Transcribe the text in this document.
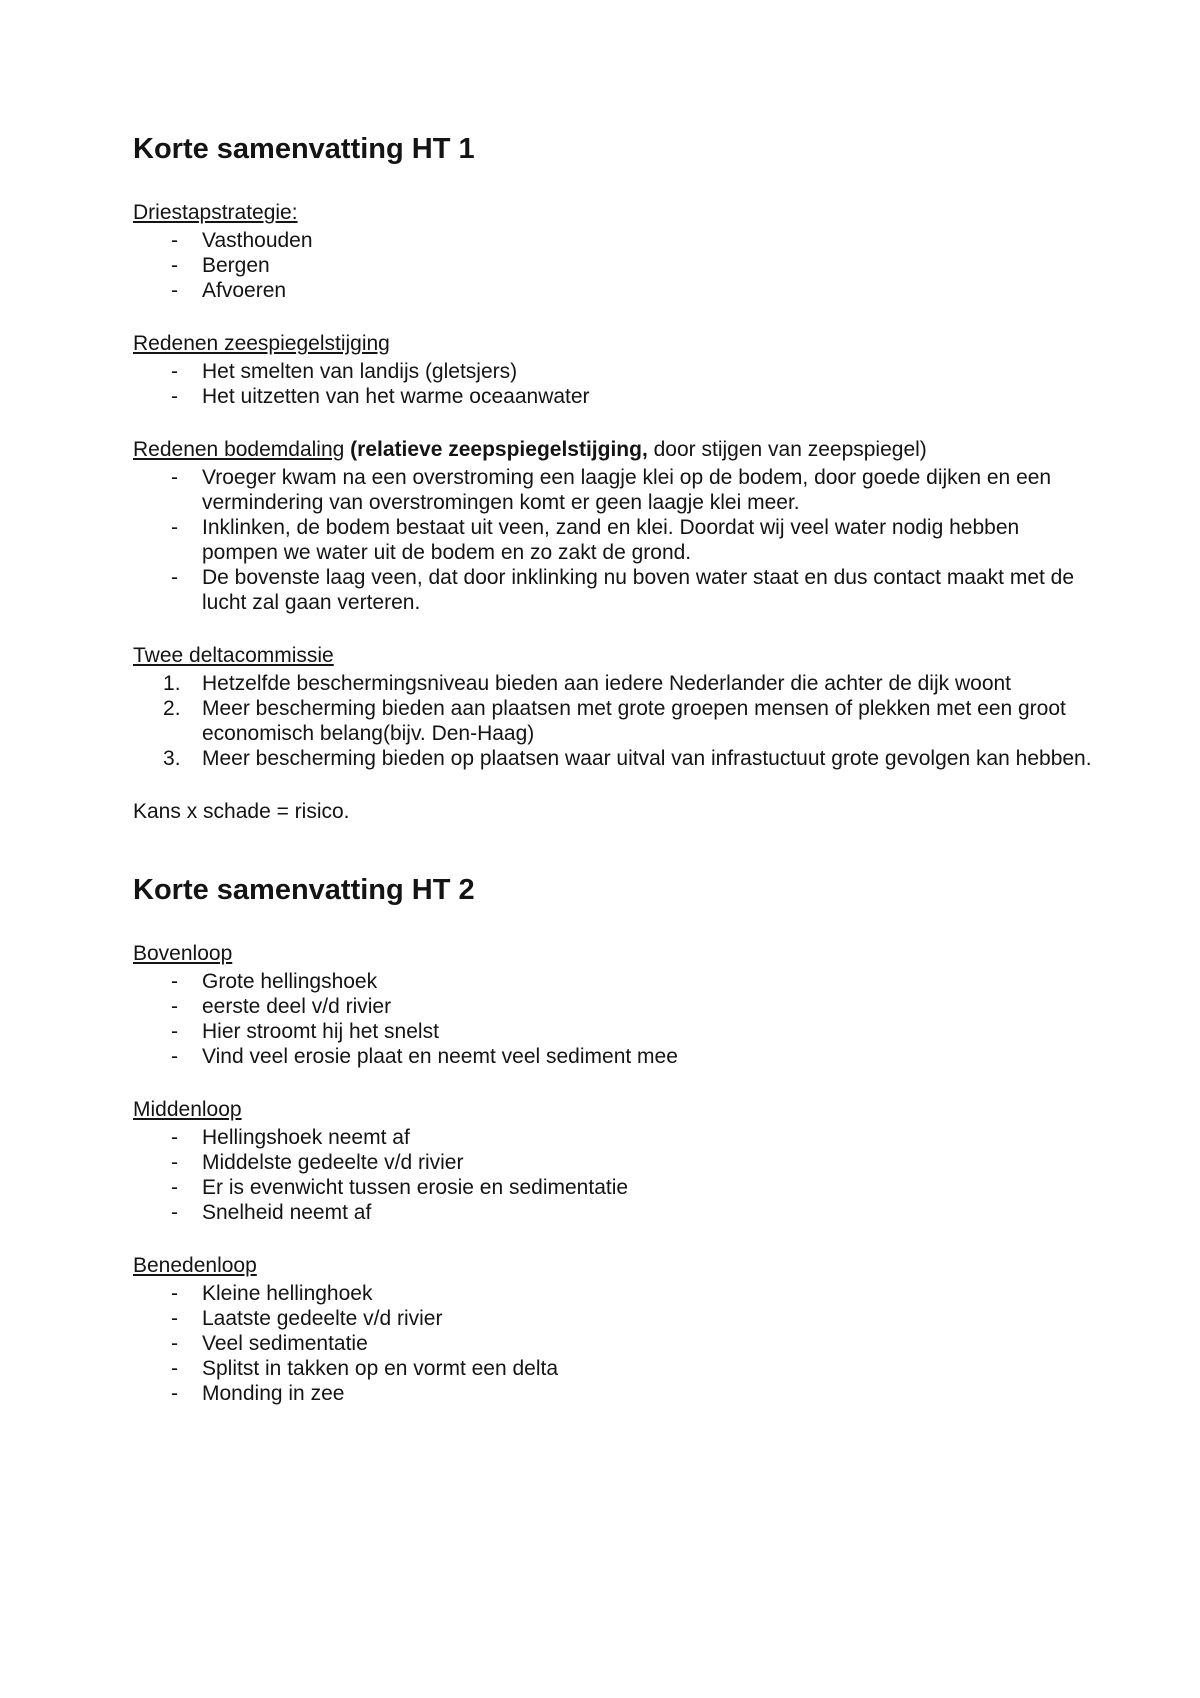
Korte samenvatting HT 1
Driestapstrategie:
- Vasthouden
- Bergen
- Afvoeren
Redenen zeespiegelstijging
- Het smelten van landijs (gletsjers)
- Het uitzetten van het warme oceaanwater
Redenen bodemdaling (relatieve zeepspiegelstijging, door stijgen van zeepspiegel)
- Vroeger kwam na een overstroming een laagje klei op de bodem, door goede dijken en een vermindering van overstromingen komt er geen laagje klei meer.
- Inklinken, de bodem bestaat uit veen, zand en klei. Doordat wij veel water nodig hebben pompen we water uit de bodem en zo zakt de grond.
- De bovenste laag veen, dat door inklinking nu boven water staat en dus contact maakt met de lucht zal gaan verteren.
Twee deltacommissie
Hetzelfde beschermingsniveau bieden aan iedere Nederlander die achter de dijk woont
Meer bescherming bieden aan plaatsen met grote groepen mensen of plekken met een groot economisch belang(bijv. Den-Haag)
Meer bescherming bieden op plaatsen waar uitval van infrastuctuut grote gevolgen kan hebben.
Kans x schade = risico.
Korte samenvatting HT 2
Bovenloop
- Grote hellingshoek
- eerste deel v/d rivier
- Hier stroomt hij het snelst
- Vind veel erosie plaat en neemt veel sediment mee
Middenloop
- Hellingshoek neemt af
- Middelste gedeelte v/d rivier
- Er is evenwicht tussen erosie en sedimentatie
- Snelheid neemt af
Benedenloop
- Kleine hellinghoek
- Laatste gedeelte v/d rivier
- Veel sedimentatie
- Splitst in takken op en vormt een delta
- Monding in zee
